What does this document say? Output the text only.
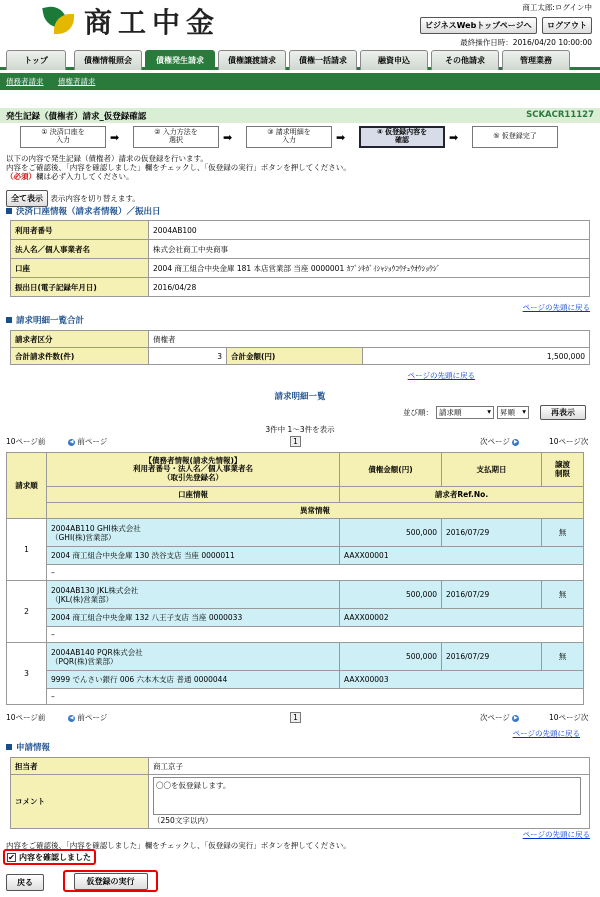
商工中金	商工太郎:ログイン中
ビジネスWebトップページへ ログアウト
最終操作日時：2016/04/20 10:00:00
トップ	債権情報照会	債権発生請求	債権譲渡請求	債権一括請求	融資申込	その他請求	管理業務
債務者請求 債権者請求
発生記録（債権者）請求_仮登録確認	SCKACR11127
① 決済口座を
入力	➡	② 入力方法を
選択	➡	③ 請求明細を
入力	➡	④ 仮登録内容を
確認	➡	⑤ 仮登録完了
以下の内容で発生記録（債権者）請求の仮登録を行います。
内容をご確認後、「内容を確認しました」欄をチェックし、「仮登録の実行」ボタンを押してください。
（必須）欄は必ず入力してください。
全て表示 表示内容を切り替えます。
決済口座情報（請求者情報）／振出日
利用者番号	2004AB100
法人名／個人事業者名	株式会社商工中央商事
口座	2004 商工組合中央金庫 181 本店営業部 当座 0000001 ｶﾌﾞｼｷｶﾞｲｼｬｼｮｳｺｳﾁｭｳｵｳｼｮｳｼﾞ
振出日(電子記録年月日)	2016/04/28
ページの先頭に戻る
請求明細一覧合計
請求者区分	債権者		
合計請求件数(件)	3	合計金額(円)	1,500,000
ページの先頭に戻る
請求明細一覧
並び順： 請求順	▾	昇順 ▾	再表示
3件中 1～3件を表示
10ページ前	◀ 前ページ	1	次ページ ▶	10ページ次
請求順	【債務者情報(請求先情報)】
利用者番号・法人名／個人事業者名
（取引先登録名）	債権金額(円)	支払期日	譲渡
制限
	口座情報	請求者Ref.No.		
	異常情報			
1	2004AB110 GHI株式会社
（GHI(株)営業部）	500,000	2016/07/29	無
	2004 商工組合中央金庫 130 渋谷支店 当座 0000011	AAXX00001		
	–			
2	2004AB130 JKL株式会社
（JKL(株)営業部）	500,000	2016/07/29	無
	2004 商工組合中央金庫 132 八王子支店 当座 0000033	AAXX00002		
	–			
3	2004AB140 PQR株式会社
（PQR(株)営業部）	500,000	2016/07/29	無
	9999 でんさい銀行 006 六本木支店 普通 0000044	AAXX00003		
	–			
10ページ前	◀ 前ページ	1	次ページ ▶	10ページ次
ページの先頭に戻る
申請情報
担当者	商工京子
コメント	〇〇を仮登録します。
（250文字以内）
ページの先頭に戻る
内容をご確認後、「内容を確認しました」欄をチェックし、「仮登録の実行」ボタンを押してください。
✔ 内容を確認しました
戻る	仮登録の実行
